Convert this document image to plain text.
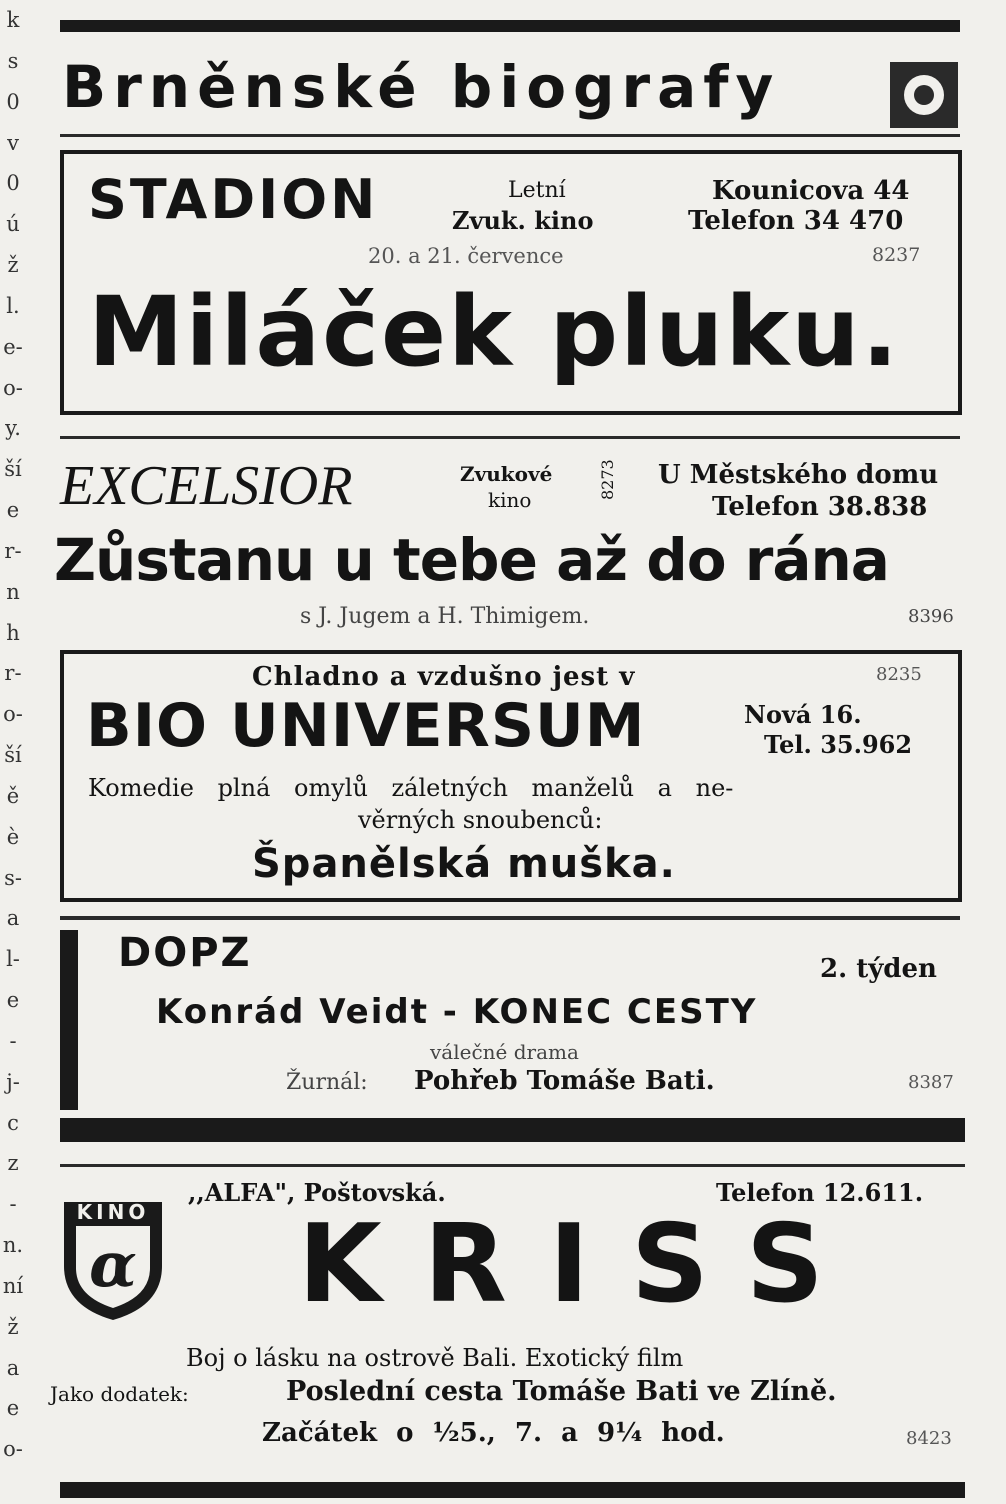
k
s
0
v
0
ú
ž
l.
e-
o-
y.
ší
e
r-
n
h
r-
o-
ší
ě
è
s-
a
l-
e
-
j-
c
z
-
n.
ní
ž
a
e
o-
Brněnské biografy
STADION	Letní
Zvuk. kino
Kounicova 44
Telefon 34 470
20. a 21. července	8237
Miláček pluku.
EXCELSIOR	Zvukové
kino	8273 U Městského domu
Telefon 38.838
Zůstanu u tebe až do rána
s J. Jugem a H. Thimigem.	8396
Chladno a vzdušno jest v	8235
BIO UNIVERSUM	Nová 16.
Tel. 35.962
Komedie plná omylů záletných manželů a ne-
věrných snoubenců:
Španělská muška.
DOPZ	2. týden
Konrád Veidt - KONEC CESTY
válečné drama
Žurnál: Pohřeb Tomáše Bati.	8387
KINO
α
,,ALFA", Poštovská.	Telefon 12.611.
KRISS
Boj o lásku na ostrově Bali. Exotický film
Jako dodatek:	Poslední cesta Tomáše Bati ve Zlíně.
Začátek o ½5., 7. a 9¼ hod.	8423
